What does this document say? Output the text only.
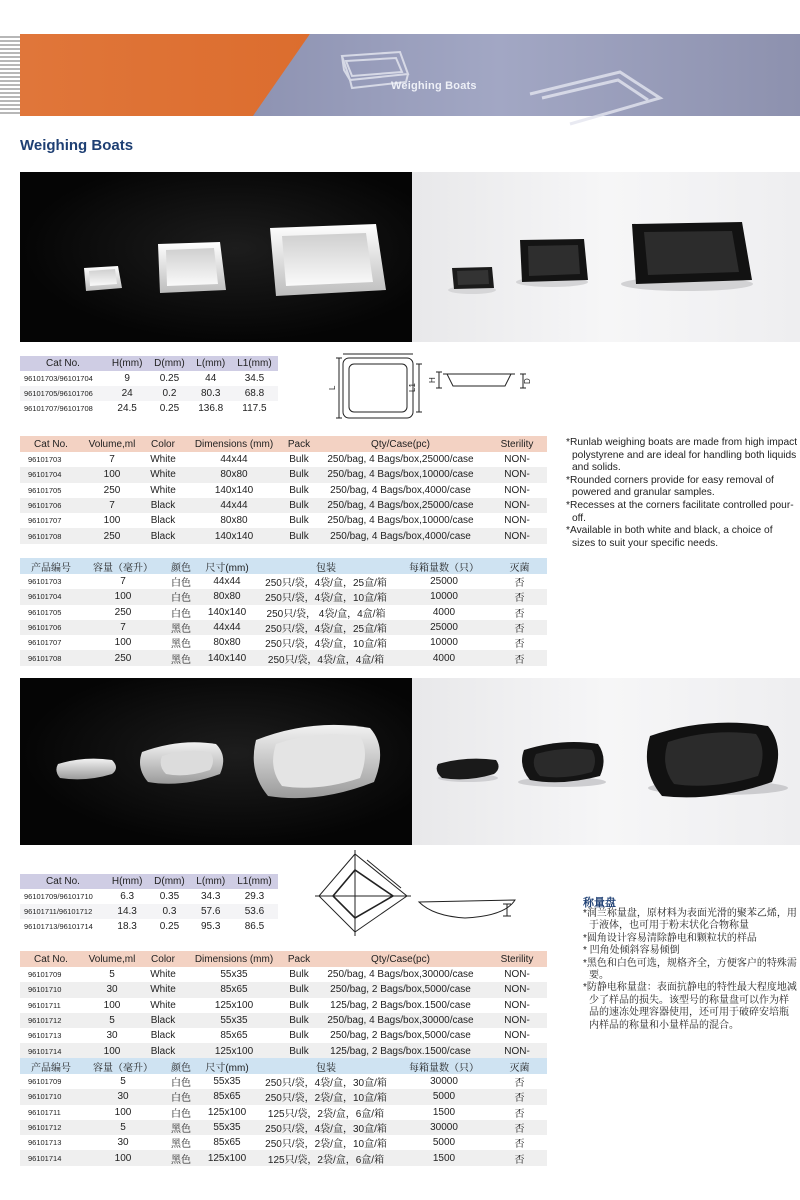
Weighing Boats
Weighing Boats
Cat No.	H(mm)	D(mm)	L(mm)	L1(mm)
96101703/96101704	9	0.25	44	34.5
96101705/96101706	24	0.2	80.3	68.8
96101707/96101708	24.5	0.25	136.8	117.5
L1
L
H	D
Cat No.	Volume,ml	Color	Dimensions (mm)	Pack	Qty/Case(pc)	Sterility
96101703	7	White	44x44	Bulk	250/bag, 4 Bags/box,25000/case	NON-
96101704	100	White	80x80	Bulk	250/bag, 4 Bags/box,10000/case	NON-
96101705	250	White	140x140	Bulk	250/bag, 4 Bags/box,4000/case	NON-
96101706	7	Black	44x44	Bulk	250/bag, 4 Bags/box,25000/case	NON-
96101707	100	Black	80x80	Bulk	250/bag, 4 Bags/box,10000/case	NON-
96101708	250	Black	140x140	Bulk	250/bag, 4 Bags/box,4000/case	NON-

*Runlab weighing boats are made from high impact polystyrene and are ideal for handling both liquids and solids.

*Rounded corners provide for easy removal of powered and granular samples.

*Recesses at the corners facilitate controlled pour-off.

*Available in both white and black, a choice of sizes to suit your specific needs.

产品编号	容量（毫升）	颜色	尺寸(mm)	包装	每箱量数（只）	灭菌
96101703	7	白色	44x44	250只/袋，4袋/盒，25盒/箱	25000	否
96101704	100	白色	80x80	250只/袋，4袋/盒，10盒/箱	10000	否
96101705	250	白色	140x140	250只/袋， 4袋/盒，4盒/箱	4000	否
96101706	7	黑色	44x44	250只/袋，4袋/盒，25盒/箱	25000	否
96101707	100	黑色	80x80	250只/袋，4袋/盒，10盒/箱	10000	否
96101708	250	黑色	140x140	250只/袋，4袋/盒，4盒/箱	4000	否
Cat No.	H(mm)	D(mm)	L(mm)	L1(mm)
96101709/96101710	6.3	0.35	34.3	29.3
96101711/96101712	14.3	0.3	57.6	53.6
96101713/96101714	18.3	0.25	95.3	86.5
Cat No.	Volume,ml	Color	Dimensions (mm)	Pack	Qty/Case(pc)	Sterility
96101709	5	White	55x35	Bulk	250/bag, 4 Bags/box,30000/case	NON-
96101710	30	White	85x65	Bulk	250/bag, 2 Bags/box,5000/case	NON-
96101711	100	White	125x100	Bulk	125/bag, 2 Bags/box.1500/case	NON-
96101712	5	Black	55x35	Bulk	250/bag, 4 Bags/box,30000/case	NON-
96101713	30	Black	85x65	Bulk	250/bag, 2 Bags/box,5000/case	NON-
96101714	100	Black	125x100	Bulk	125/bag, 2 Bags/box.1500/case	NON-
产品编号	容量（毫升）	颜色	尺寸(mm)	包装	每箱量数（只）	灭菌
96101709	5	白色	55x35	250只/袋，4袋/盒，30盒/箱	30000	否
96101710	30	白色	85x65	250只/袋，2袋/盒，10盒/箱	5000	否
96101711	100	白色	125x100	125只/袋，2袋/盒，6盒/箱	1500	否
96101712	5	黑色	55x35	250只/袋，4袋/盒，30盒/箱	30000	否
96101713	30	黑色	85x65	250只/袋，2袋/盒，10盒/箱	5000	否
96101714	100	黑色	125x100	125只/袋，2袋/盒，6盒/箱	1500	否
称量盘

*润兰称量盘，原材料为表面光滑的聚苯乙烯，用于液体，也可用于粉末状化合物称量

*圆角设计容易清除静电和颗粒状的样品

* 凹角处倾斜容易倾倒

*黑色和白色可选，规格齐全，方便客户的特殊需要。

*防静电称量盘：表面抗静电的特性最大程度地减少了样品的损失。该型号的称量盘可以作为样品的速冻处理容器使用，还可用于破碎安培瓶内样品的称量和小量样品的混合。
